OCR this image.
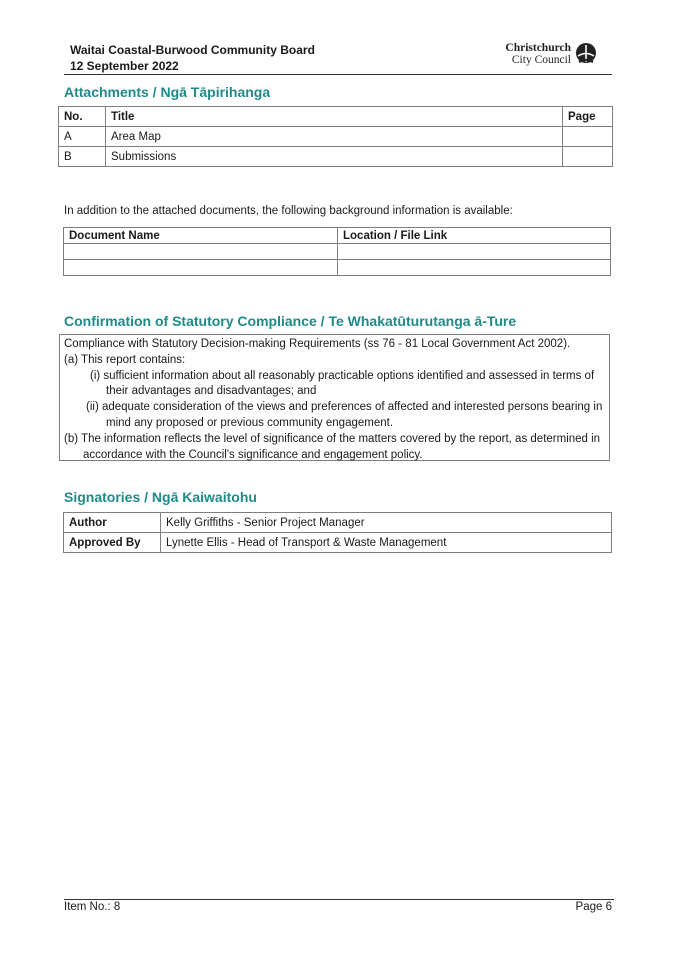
Waitai Coastal-Burwood Community Board
12 September 2022
Christchurch
City Council
Attachments / Ngā Tāpirihanga
No.	Title	Page
A	Area Map	
B	Submissions	
In addition to the attached documents, the following background information is available:
Document Name	Location / File Link

Confirmation of Statutory Compliance / Te Whakatūturutanga ā-Ture
Compliance with Statutory Decision-making Requirements (ss 76 - 81 Local Government Act 2002).
(a) This report contains:
(i) sufficient information about all reasonably practicable options identified and assessed in terms of their advantages and disadvantages; and
(ii) adequate consideration of the views and preferences of affected and interested persons bearing in mind any proposed or previous community engagement.
(b) The information reflects the level of significance of the matters covered by the report, as determined in accordance with the Council's significance and engagement policy.
Signatories / Ngā Kaiwaitohu
Author	Kelly Griffiths - Senior Project Manager
Approved By	Lynette Ellis - Head of Transport & Waste Management
Item No.: 8	Page 6
